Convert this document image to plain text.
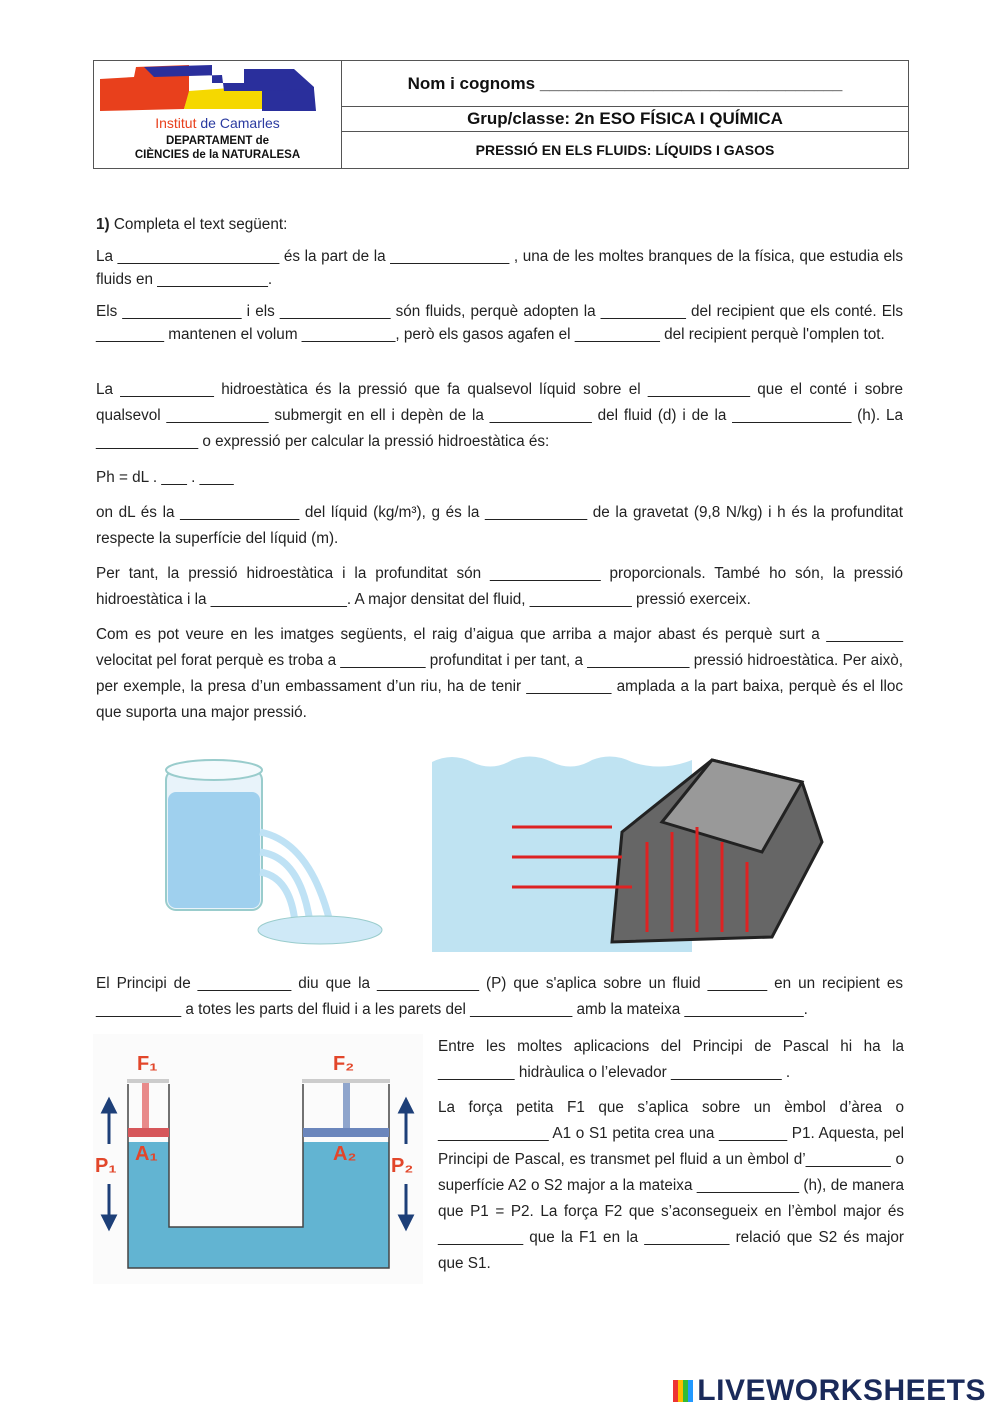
Institut de Camarles
DEPARTAMENT de
CIÈNCIES de la NATURALESA
Nom i cognoms ________________________________
Grup/classe: 2n ESO FÍSICA I QUÍMICA
PRESSIÓ EN ELS FLUIDS: LÍQUIDS I GASOS
1) Completa el text següent:
La ___________________ és la part de la ______________ , una de les moltes branques de la física, que estudia els fluids en _____________.
Els ______________ i els _____________ són fluids, perquè adopten la __________ del recipient que els conté. Els ________ mantenen el volum ___________, però els gasos agafen el __________ del recipient perquè l'omplen tot.
La ___________ hidroestàtica és la pressió que fa qualsevol líquid sobre el ____________ que el conté i sobre qualsevol ____________ submergit en ell i depèn de la ____________ del fluid (d) i de la ______________ (h). La ____________ o expressió per calcular la pressió hidroestàtica és:
Ph = dL . ___ . ____
on dL és la ______________ del líquid (kg/m³), g és la ____________ de la gravetat (9,8 N/kg) i h és la profunditat respecte la superfície del líquid (m).
Per tant, la pressió hidroestàtica i la profunditat són _____________ proporcionals. També ho són, la pressió hidroestàtica i la ________________. A major densitat del fluid, ____________ pressió exerceix.
Com es pot veure en les imatges següents, el raig d’aigua que arriba a major abast és perquè surt a _________ velocitat pel forat perquè es troba a __________ profunditat i per tant, a ____________ pressió hidroestàtica. Per això, per exemple, la presa d’un embassament d’un riu, ha de tenir __________ amplada a la part baixa, perquè és el lloc que suporta una major pressió.
El Principi de ___________ diu que la ____________ (P) que s'aplica sobre un fluid _______ en un recipient es __________ a totes les parts del fluid i a les parets del ____________ amb la mateixa ______________.
F₁	F₂
A₁	A₂
P₁	P₂
Entre les moltes aplicacions del Principi de Pascal hi ha la _________ hidràulica o l’elevador _____________ .
La força petita F1 que s’aplica sobre un èmbol d’àrea o _____________ A1 o S1 petita crea una ________ P1. Aquesta, pel Principi de Pascal, es transmet pel fluid a un èmbol d’__________ o superfície A2 o S2 major a la mateixa ____________ (h), de manera que P1 = P2. La força F2 que s’aconsegueix en l’èmbol major és __________ que la F1 en la __________ relació que S2 és major que S1.
LIVEWORKSHEETS
